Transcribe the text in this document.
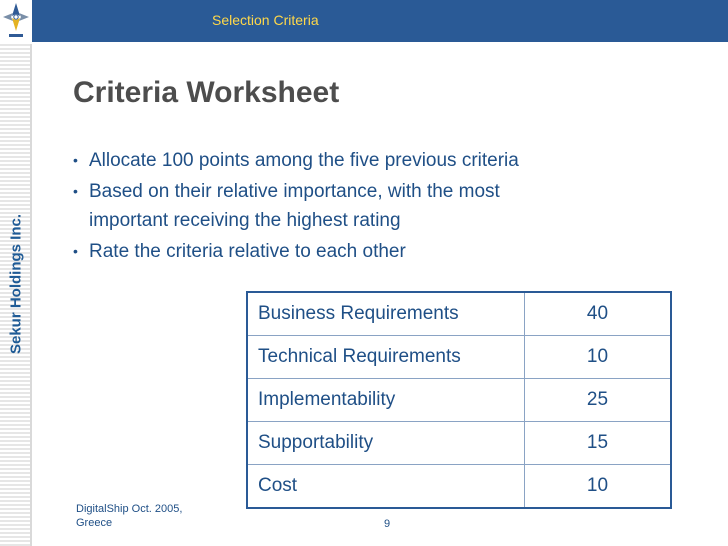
Sekur Holdings Inc.
Selection Criteria
Criteria Worksheet
• Allocate 100 points among the five previous criteria
• Based on their relative importance, with the most important receiving the highest rating
• Rate the criteria relative to each other
Business Requirements	40
Technical Requirements	10
Implementability	25
Supportability	15
Cost	10
DigitalShip Oct. 2005, Greece	9
